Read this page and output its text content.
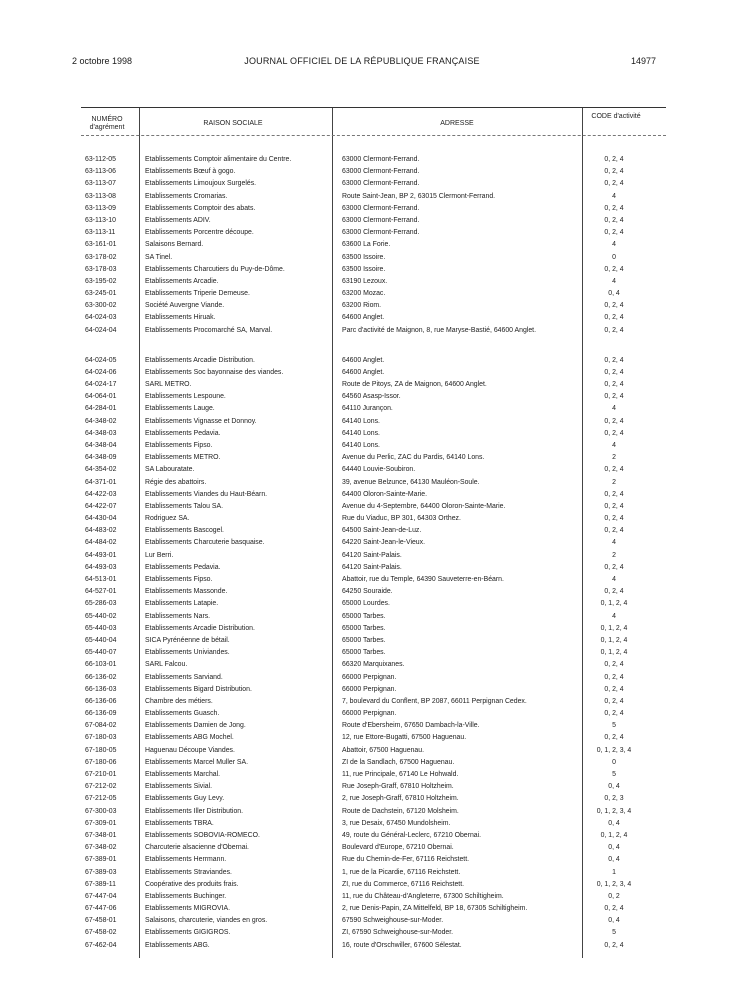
2 octobre 1998	JOURNAL OFFICIEL DE LA RÉPUBLIQUE FRANÇAISE	14977
NUMÉRO d'agrément
RAISON SOCIALE	ADRESSE
CODE d'activité
63-112-05	Etablissements Comptoir alimentaire du Centre.	63000 Clermont-Ferrand.	0, 2, 4
63-113-06	Etablissements Bœuf à gogo.	63000 Clermont-Ferrand.	0, 2, 4
63-113-07	Etablissements Limoujoux Surgelés.	63000 Clermont-Ferrand.	0, 2, 4
63-113-08	Etablissements Cromarias.	Route Saint-Jean, BP 2, 63015 Clermont-Ferrand.	4
63-113-09	Etablissements Comptoir des abats.	63000 Clermont-Ferrand.	0, 2, 4
63-113-10	Etablissements ADIV.	63000 Clermont-Ferrand.	0, 2, 4
63-113-11	Etablissements Porcentre découpe.	63000 Clermont-Ferrand.	0, 2, 4
63-161-01	Salaisons Bernard.	63600 La Forie.	4
63-178-02	SA Tinel.	63500 Issoire.	0
63-178-03	Etablissements Charcutiers du Puy-de-Dôme.	63500 Issoire.	0, 2, 4
63-195-02	Etablissements Arcadie.	63190 Lezoux.	4
63-245-01	Etablissements Triperie Demeuse.	63200 Mozac.	0, 4
63-300-02	Société Auvergne Viande.	63200 Riom.	0, 2, 4
64-024-03	Etablissements Hiruak.	64600 Anglet.	0, 2, 4
64-024-04	Etablissements Procomarché SA, Marval.	Parc d'activité de Maignon, 8, rue Maryse-Bastié, 64600 Anglet.	0, 2, 4
64-024-05	Etablissements Arcadie Distribution.	64600 Anglet.	0, 2, 4
64-024-06	Etablissements Soc bayonnaise des viandes.	64600 Anglet.	0, 2, 4
64-024-17	SARL METRO.	Route de Pitoys, ZA de Maignon, 64600 Anglet.	0, 2, 4
64-064-01	Etablissements Lespoune.	64560 Asasp-Issor.	0, 2, 4
64-284-01	Etablissements Lauge.	64110 Jurançon.	4
64-348-02	Etablissements Vignasse et Donnoy.	64140 Lons.	0, 2, 4
64-348-03	Etablissements Pedavia.	64140 Lons.	0, 2, 4
64-348-04	Etablissements Fipso.	64140 Lons.	4
64-348-09	Etablissements METRO.	Avenue du Perlic, ZAC du Pardis, 64140 Lons.	2
64-354-02	SA Labouratate.	64440 Louvie-Soubiron.	0, 2, 4
64-371-01	Régie des abattoirs.	39, avenue Belzunce, 64130 Mauléon-Soule.	2
64-422-03	Etablissements Viandes du Haut-Béarn.	64400 Oloron-Sainte-Marie.	0, 2, 4
64-422-07	Etablissements Talou SA.	Avenue du 4-Septembre, 64400 Oloron-Sainte-Marie.	0, 2, 4
64-430-04	Rodriguez SA.	Rue du Viaduc, BP 301, 64303 Orthez.	0, 2, 4
64-483-02	Etablissements Bascogel.	64500 Saint-Jean-de-Luz.	0, 2, 4
64-484-02	Etablissements Charcuterie basquaise.	64220 Saint-Jean-le-Vieux.	4
64-493-01	Lur Berri.	64120 Saint-Palais.	2
64-493-03	Etablissements Pedavia.	64120 Saint-Palais.	0, 2, 4
64-513-01	Etablissements Fipso.	Abattoir, rue du Temple, 64390 Sauveterre-en-Béarn.	4
64-527-01	Etablissements Massonde.	64250 Souraide.	0, 2, 4
65-286-03	Etablissements Latapie.	65000 Lourdes.	0, 1, 2, 4
65-440-02	Etablissements Nars.	65000 Tarbes.	4
65-440-03	Etablissements Arcadie Distribution.	65000 Tarbes.	0, 1, 2, 4
65-440-04	SICA Pyrénéenne de bétail.	65000 Tarbes.	0, 1, 2, 4
65-440-07	Etablissements Univiandes.	65000 Tarbes.	0, 1, 2, 4
66-103-01	SARL Falcou.	66320 Marquixanes.	0, 2, 4
66-136-02	Etablissements Sarviand.	66000 Perpignan.	0, 2, 4
66-136-03	Etablissements Bigard Distribution.	66000 Perpignan.	0, 2, 4
66-136-06	Chambre des métiers.	7, boulevard du Conflent, BP 2087, 66011 Perpignan Cedex.	0, 2, 4
66-136-09	Etablissements Guasch.	66000 Perpignan.	0, 2, 4
67-084-02	Etablissements Damien de Jong.	Route d'Ebersheim, 67650 Dambach-la-Ville.	5
67-180-03	Etablissements ABG Mochel.	12, rue Ettore-Bugatti, 67500 Haguenau.	0, 2, 4
67-180-05	Haguenau Découpe Viandes.	Abattoir, 67500 Haguenau.	0, 1, 2, 3, 4
67-180-06	Etablissements Marcel Muller SA.	ZI de la Sandlach, 67500 Haguenau.	0
67-210-01	Etablissements Marchal.	11, rue Principale, 67140 Le Hohwald.	5
67-212-02	Etablissements Sivial.	Rue Joseph-Graff, 67810 Holtzheim.	0, 4
67-212-05	Etablissements Guy Levy.	2, rue Joseph-Graff, 67810 Holtzheim.	0, 2, 3
67-300-03	Etablissements Iller Distribution.	Route de Dachstein, 67120 Molsheim.	0, 1, 2, 3, 4
67-309-01	Etablissements TBRA.	3, rue Desaix, 67450 Mundolsheim.	0, 4
67-348-01	Etablissements SOBOVIA-ROMECO.	49, route du Général-Leclerc, 67210 Obernai.	0, 1, 2, 4
67-348-02	Charcuterie alsacienne d'Obernai.	Boulevard d'Europe, 67210 Obernai.	0, 4
67-389-01	Etablissements Herrmann.	Rue du Chemin-de-Fer, 67116 Reichstett.	0, 4
67-389-03	Etablissements Straviandes.	1, rue de la Picardie, 67116 Reichstett.	1
67-389-11	Coopérative des produits frais.	ZI, rue du Commerce, 67116 Reichstett.	0, 1, 2, 3, 4
67-447-04	Etablissements Buchinger.	11, rue du Château-d'Angleterre, 67300 Schiltigheim.	0, 2
67-447-06	Etablissements MIGROVIA.	2, rue Denis-Papin, ZA Mittelfeld, BP 18, 67305 Schiltigheim.	0, 2, 4
67-458-01	Salaisons, charcuterie, viandes en gros.	67590 Schweighouse-sur-Moder.	0, 4
67-458-02	Etablissements GIGIGROS.	ZI, 67590 Schweighouse-sur-Moder.	5
67-462-04	Etablissements ABG.	16, route d'Orschwiller, 67600 Sélestat.	0, 2, 4
